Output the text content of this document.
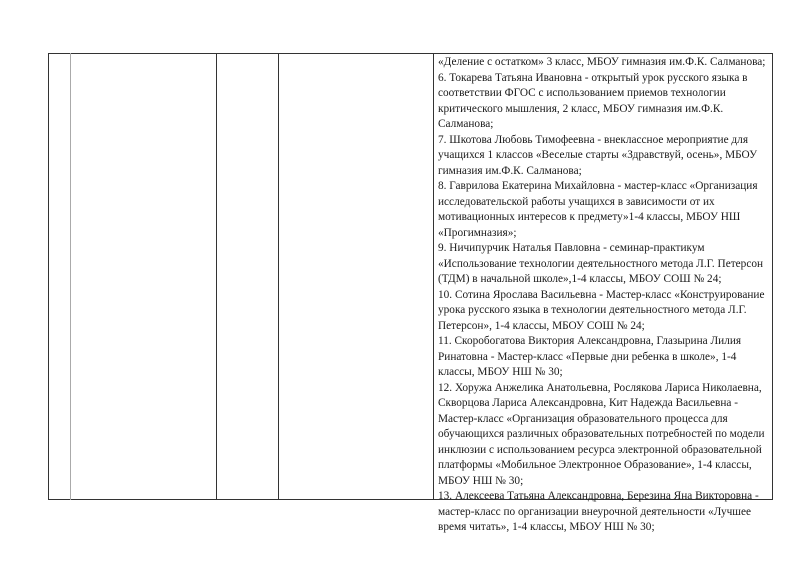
«Деление с остатком» 3 класс, МБОУ гимназия им.Ф.К. Салманова;
6. Токарева Татьяна Ивановна - открытый урок русского языка в соответствии ФГОС с использованием приемов технологии критического мышления, 2 класс, МБОУ гимназия им.Ф.К. Салманова;
7. Шкотова Любовь Тимофеевна - внеклассное мероприятие для учащихся 1 классов «Веселые старты «Здравствуй, осень», МБОУ гимназия им.Ф.К. Салманова;
8. Гаврилова Екатерина Михайловна - мастер-класс «Организация исследовательской работы учащихся в зависимости от их мотивационных интересов к предмету»1-4 классы, МБОУ НШ «Прогимназия»;
9. Ничипурчик Наталья Павловна - семинар-практикум «Использование технологии деятельностного метода Л.Г. Петерсон (ТДМ) в начальной школе»,1-4 классы, МБОУ СОШ № 24;
10. Сотина Ярослава Васильевна - Мастер-класс «Конструирование урока русского языка в технологии деятельностного метода Л.Г. Петерсон», 1-4 классы, МБОУ СОШ № 24;
11. Скоробогатова Виктория Александровна, Глазырина Лилия Ринатовна - Мастер-класс «Первые дни ребенка в школе», 1-4 классы, МБОУ НШ № 30;
12. Хоружа Анжелика Анатольевна, Рослякова Лариса Николаевна, Скворцова Лариса Александровна, Кит Надежда Васильевна - Мастер-класс «Организация образовательного процесса для обучающихся различных образовательных потребностей по модели инклюзии с использованием ресурса электронной образовательной платформы «Мобильное Электронное Образование», 1-4 классы, МБОУ НШ № 30;
13. Алексеева Татьяна Александровна, Березина Яна Викторовна - мастер-класс по организации внеурочной деятельности «Лучшее время читать», 1-4 классы, МБОУ НШ № 30;
